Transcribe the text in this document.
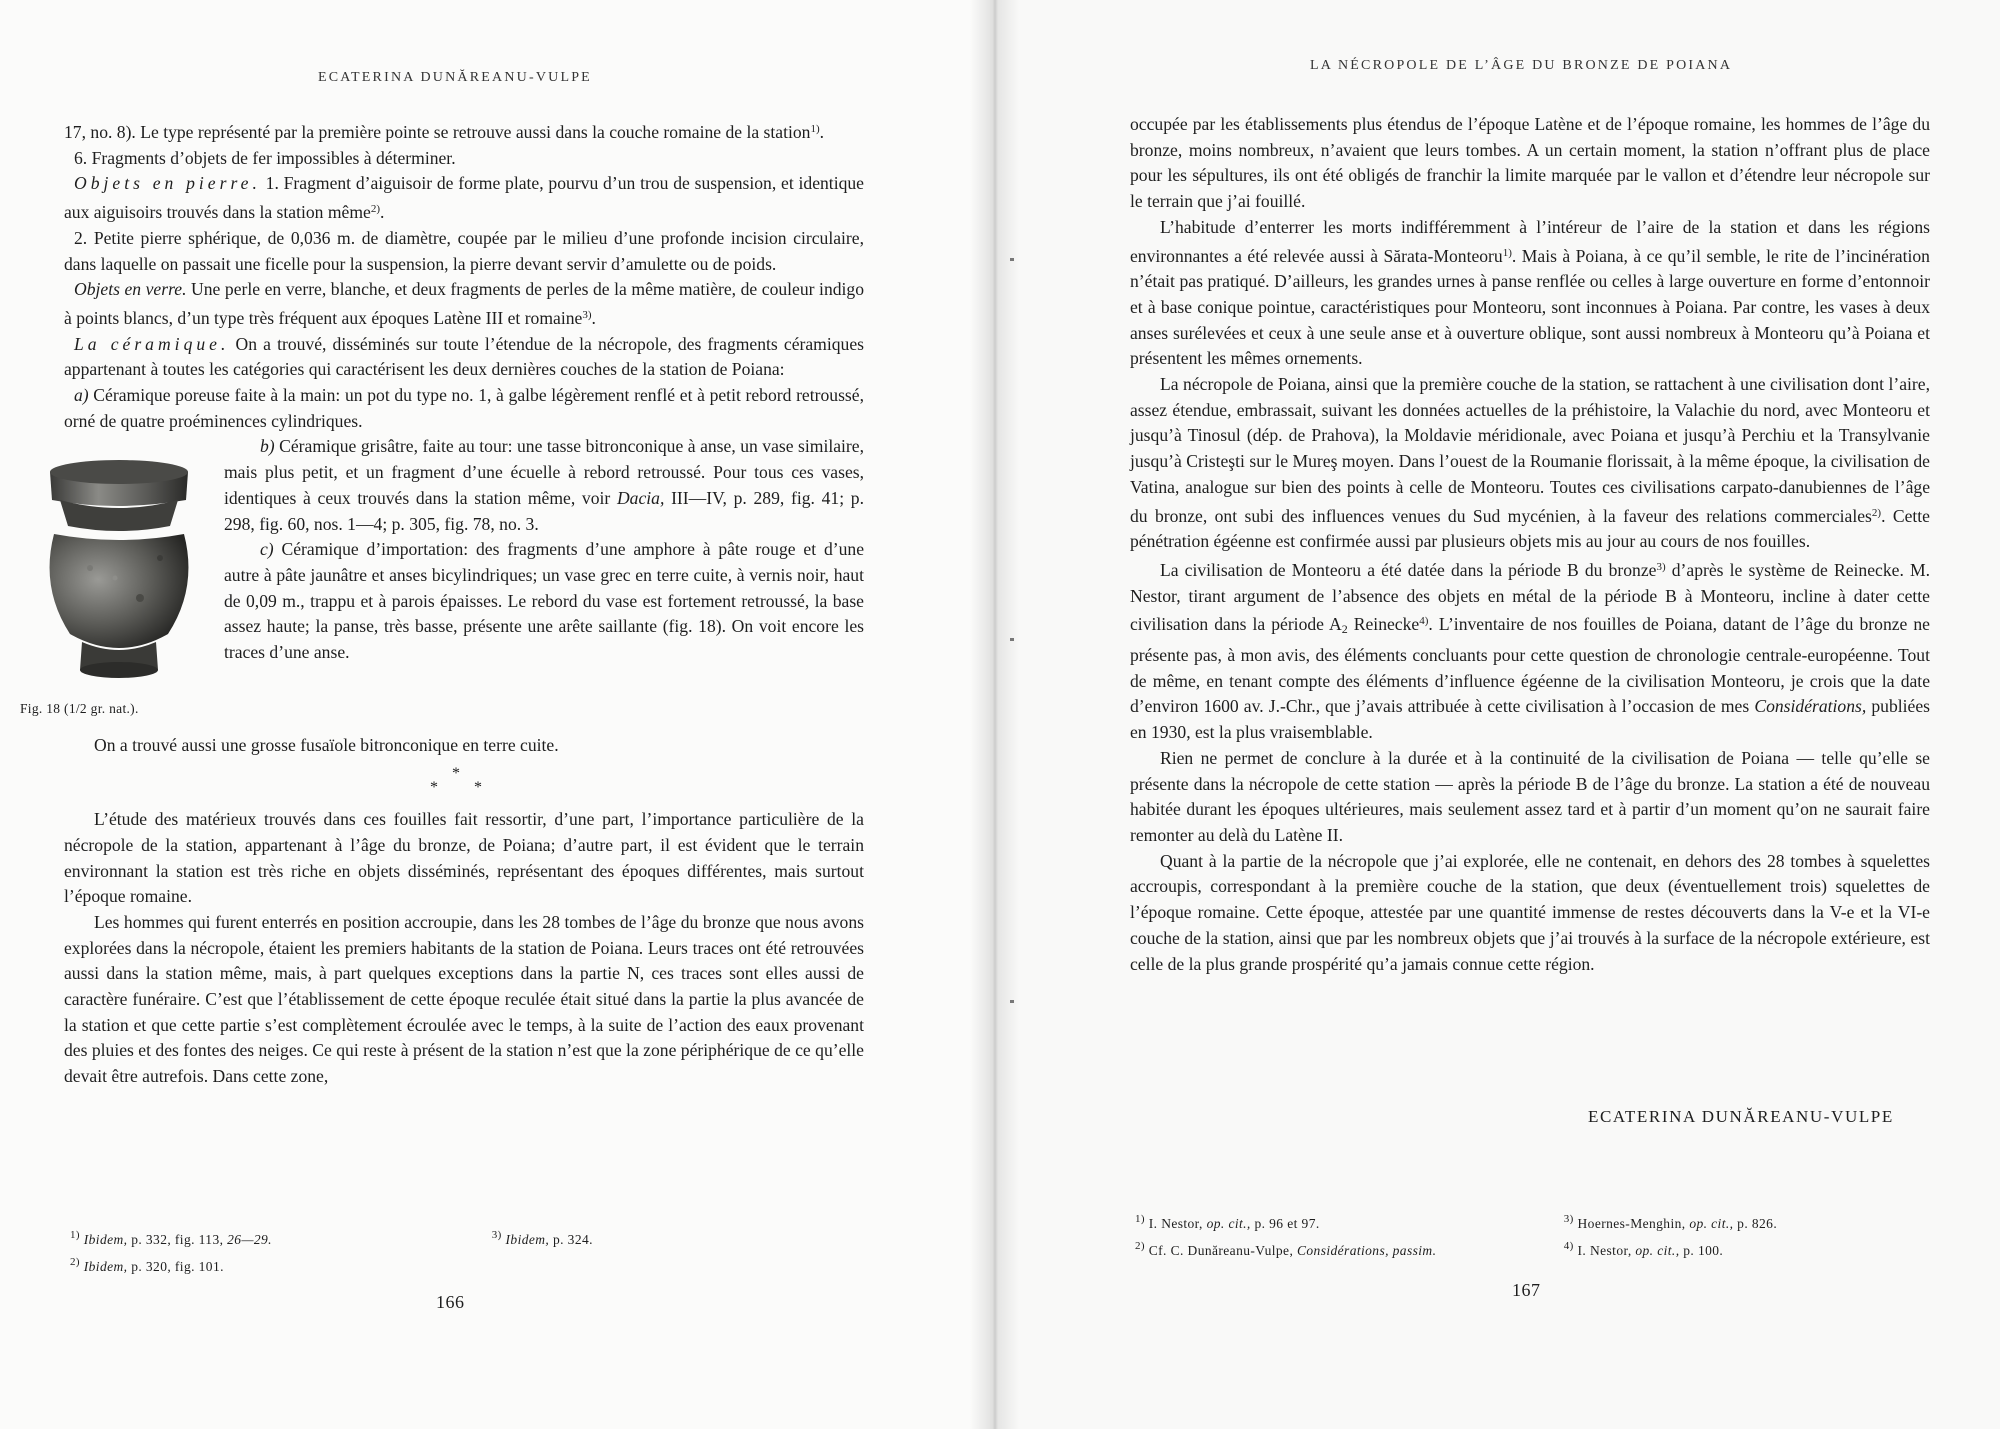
ECATERINA DUNĂREANU-VULPE

17, no. 8). Le type représenté par la première pointe se retrouve aussi dans la couche romaine de la station$^{1)}$.

6. Fragments d’objets de fer impossibles à déterminer.

Objets en pierre. 1. Fragment d’aiguisoir de forme plate, pourvu d’un trou de suspension, et identique aux aiguisoirs trouvés dans la station même$^{2)}$.

2. Petite pierre sphérique, de 0,036 m. de diamètre, coupée par le milieu d’une profonde incision circulaire, dans laquelle on passait une ficelle pour la suspension, la pierre devant servir d’amulette ou de poids.

Objets en verre. Une perle en verre, blanche, et deux fragments de perles de la même matière, de couleur indigo à points blancs, d’un type très fréquent aux époques Latène III et romaine$^{3)}$.

La céramique. On a trouvé, disséminés sur toute l’étendue de la nécropole, des fragments céramiques appartenant à toutes les catégories qui caractérisent les deux dernières couches de la station de Poiana:

a) Céramique poreuse faite à la main: un pot du type no. 1, à galbe légèrement renflé et à petit rebord retroussé, orné de quatre proéminences cylindriques.

Fig. 18 (1/2 gr. nat.).

b) Céramique grisâtre, faite au tour: une tasse bitronconique à anse, un vase similaire, mais plus petit, et un fragment d’une écuelle à rebord retroussé. Pour tous ces vases, identiques à ceux trouvés dans la station même, voir Dacia, III—IV, p. 289, fig. 41; p. 298, fig. 60, nos. 1—4; p. 305, fig. 78, no. 3.

c) Céramique d’importation: des fragments d’une amphore à pâte rouge et d’une autre à pâte jaunâtre et anses bicylindriques; un vase grec en terre cuite, à vernis noir, haut de 0,09 m., trappu et à parois épaisses. Le rebord du vase est fortement retroussé, la base assez haute; la panse, très basse, présente une arête saillante (fig. 18). On voit encore les traces d’une anse.

On a trouvé aussi une grosse fusaïole bitronconique en terre cuite.

*
* *

L’étude des matérieux trouvés dans ces fouilles fait ressortir, d’une part, l’importance particulière de la nécropole de la station, appartenant à l’âge du bronze, de Poiana; d’autre part, il est évident que le terrain environnant la station est très riche en objets disséminés, représentant des époques différentes, mais surtout l’époque romaine.

Les hommes qui furent enterrés en position accroupie, dans les 28 tombes de l’âge du bronze que nous avons explorées dans la nécropole, étaient les premiers habitants de la station de Poiana. Leurs traces ont été retrouvées aussi dans la station même, mais, à part quelques exceptions dans la partie N, ces traces sont elles aussi de caractère funéraire. C’est que l’établissement de cette époque reculée était situé dans la partie la plus avancée de la station et que cette partie s’est complètement écroulée avec le temps, à la suite de l’action des eaux provenant des pluies et des fontes des neiges. Ce qui reste à présent de la station n’est que la zone périphérique de ce qu’elle devait être autrefois. Dans cette zone,

$^{1)}$ Ibidem, p. 332, fig. 113, 26—29.
$^{2)}$ Ibidem, p. 320, fig. 101.

$^{3)}$ Ibidem, p. 324.
166
LA NÉCROPOLE DE L’ÂGE DU BRONZE DE POIANA

occupée par les établissements plus étendus de l’époque Latène et de l’époque romaine, les hommes de l’âge du bronze, moins nombreux, n’avaient que leurs tombes. A un certain moment, la station n’offrant plus de place pour les sépultures, ils ont été obligés de franchir la limite marquée par le vallon et d’étendre leur nécropole sur le terrain que j’ai fouillé.

L’habitude d’enterrer les morts indifféremment à l’intéreur de l’aire de la station et dans les régions environnantes a été relevée aussi à Sărata-Monteoru$^{1)}$. Mais à Poiana, à ce qu’il semble, le rite de l’incinération n’était pas pratiqué. D’ailleurs, les grandes urnes à panse renflée ou celles à large ouverture en forme d’entonnoir et à base conique pointue, caractéristiques pour Monteoru, sont inconnues à Poiana. Par contre, les vases à deux anses surélevées et ceux à une seule anse et à ouverture oblique, sont aussi nombreux à Monteoru qu’à Poiana et présentent les mêmes ornements.

La nécropole de Poiana, ainsi que la première couche de la station, se rattachent à une civilisation dont l’aire, assez étendue, embrassait, suivant les données actuelles de la préhistoire, la Valachie du nord, avec Monteoru et jusqu’à Tinosul (dép. de Prahova), la Moldavie méridionale, avec Poiana et jusqu’à Perchiu et la Transylvanie jusqu’à Cristeşti sur le Mureş moyen. Dans l’ouest de la Roumanie florissait, à la même époque, la civilisation de Vatina, analogue sur bien des points à celle de Monteoru. Toutes ces civilisations carpato-danubiennes de l’âge du bronze, ont subi des influences venues du Sud mycénien, à la faveur des relations commerciales$^{2)}$. Cette pénétration égéenne est confirmée aussi par plusieurs objets mis au jour au cours de nos fouilles.

La civilisation de Monteoru a été datée dans la période B du bronze$^{3)}$ d’après le système de Reinecke. M. Nestor, tirant argument de l’absence des objets en métal de la période B à Monteoru, incline à dater cette civilisation dans la période $A_2$ Reinecke$^{4)}$. L’inventaire de nos fouilles de Poiana, datant de l’âge du bronze ne présente pas, à mon avis, des éléments concluants pour cette question de chronologie centrale-européenne. Tout de même, en tenant compte des éléments d’influence égéenne de la civilisation Monteoru, je crois que la date d’environ 1600 av. J.-Chr., que j’avais attribuée à cette civilisation à l’occasion de mes Considérations, publiées en 1930, est la plus vraisemblable.

Rien ne permet de conclure à la durée et à la continuité de la civilisation de Poiana — telle qu’elle se présente dans la nécropole de cette station — après la période B de l’âge du bronze. La station a été de nouveau habitée durant les époques ultérieures, mais seulement assez tard et à partir d’un moment qu’on ne saurait faire remonter au delà du Latène II.

Quant à la partie de la nécropole que j’ai explorée, elle ne contenait, en dehors des 28 tombes à squelettes accroupis, correspondant à la première couche de la station, que deux (éventuellement trois) squelettes de l’époque romaine. Cette époque, attestée par une quantité immense de restes découverts dans la V-e et la VI-e couche de la station, ainsi que par les nombreux objets que j’ai trouvés à la surface de la nécropole extérieure, est celle de la plus grande prospérité qu’a jamais connue cette région.

ECATERINA DUNĂREANU-VULPE
$^{1)}$ I. Nestor, op. cit., p. 96 et 97.
$^{2)}$ Cf. C. Dunăreanu-Vulpe, Considérations, passim.

$^{3)}$ Hoernes-Menghin, op. cit., p. 826.
$^{4)}$ I. Nestor, op. cit., p. 100.
167
